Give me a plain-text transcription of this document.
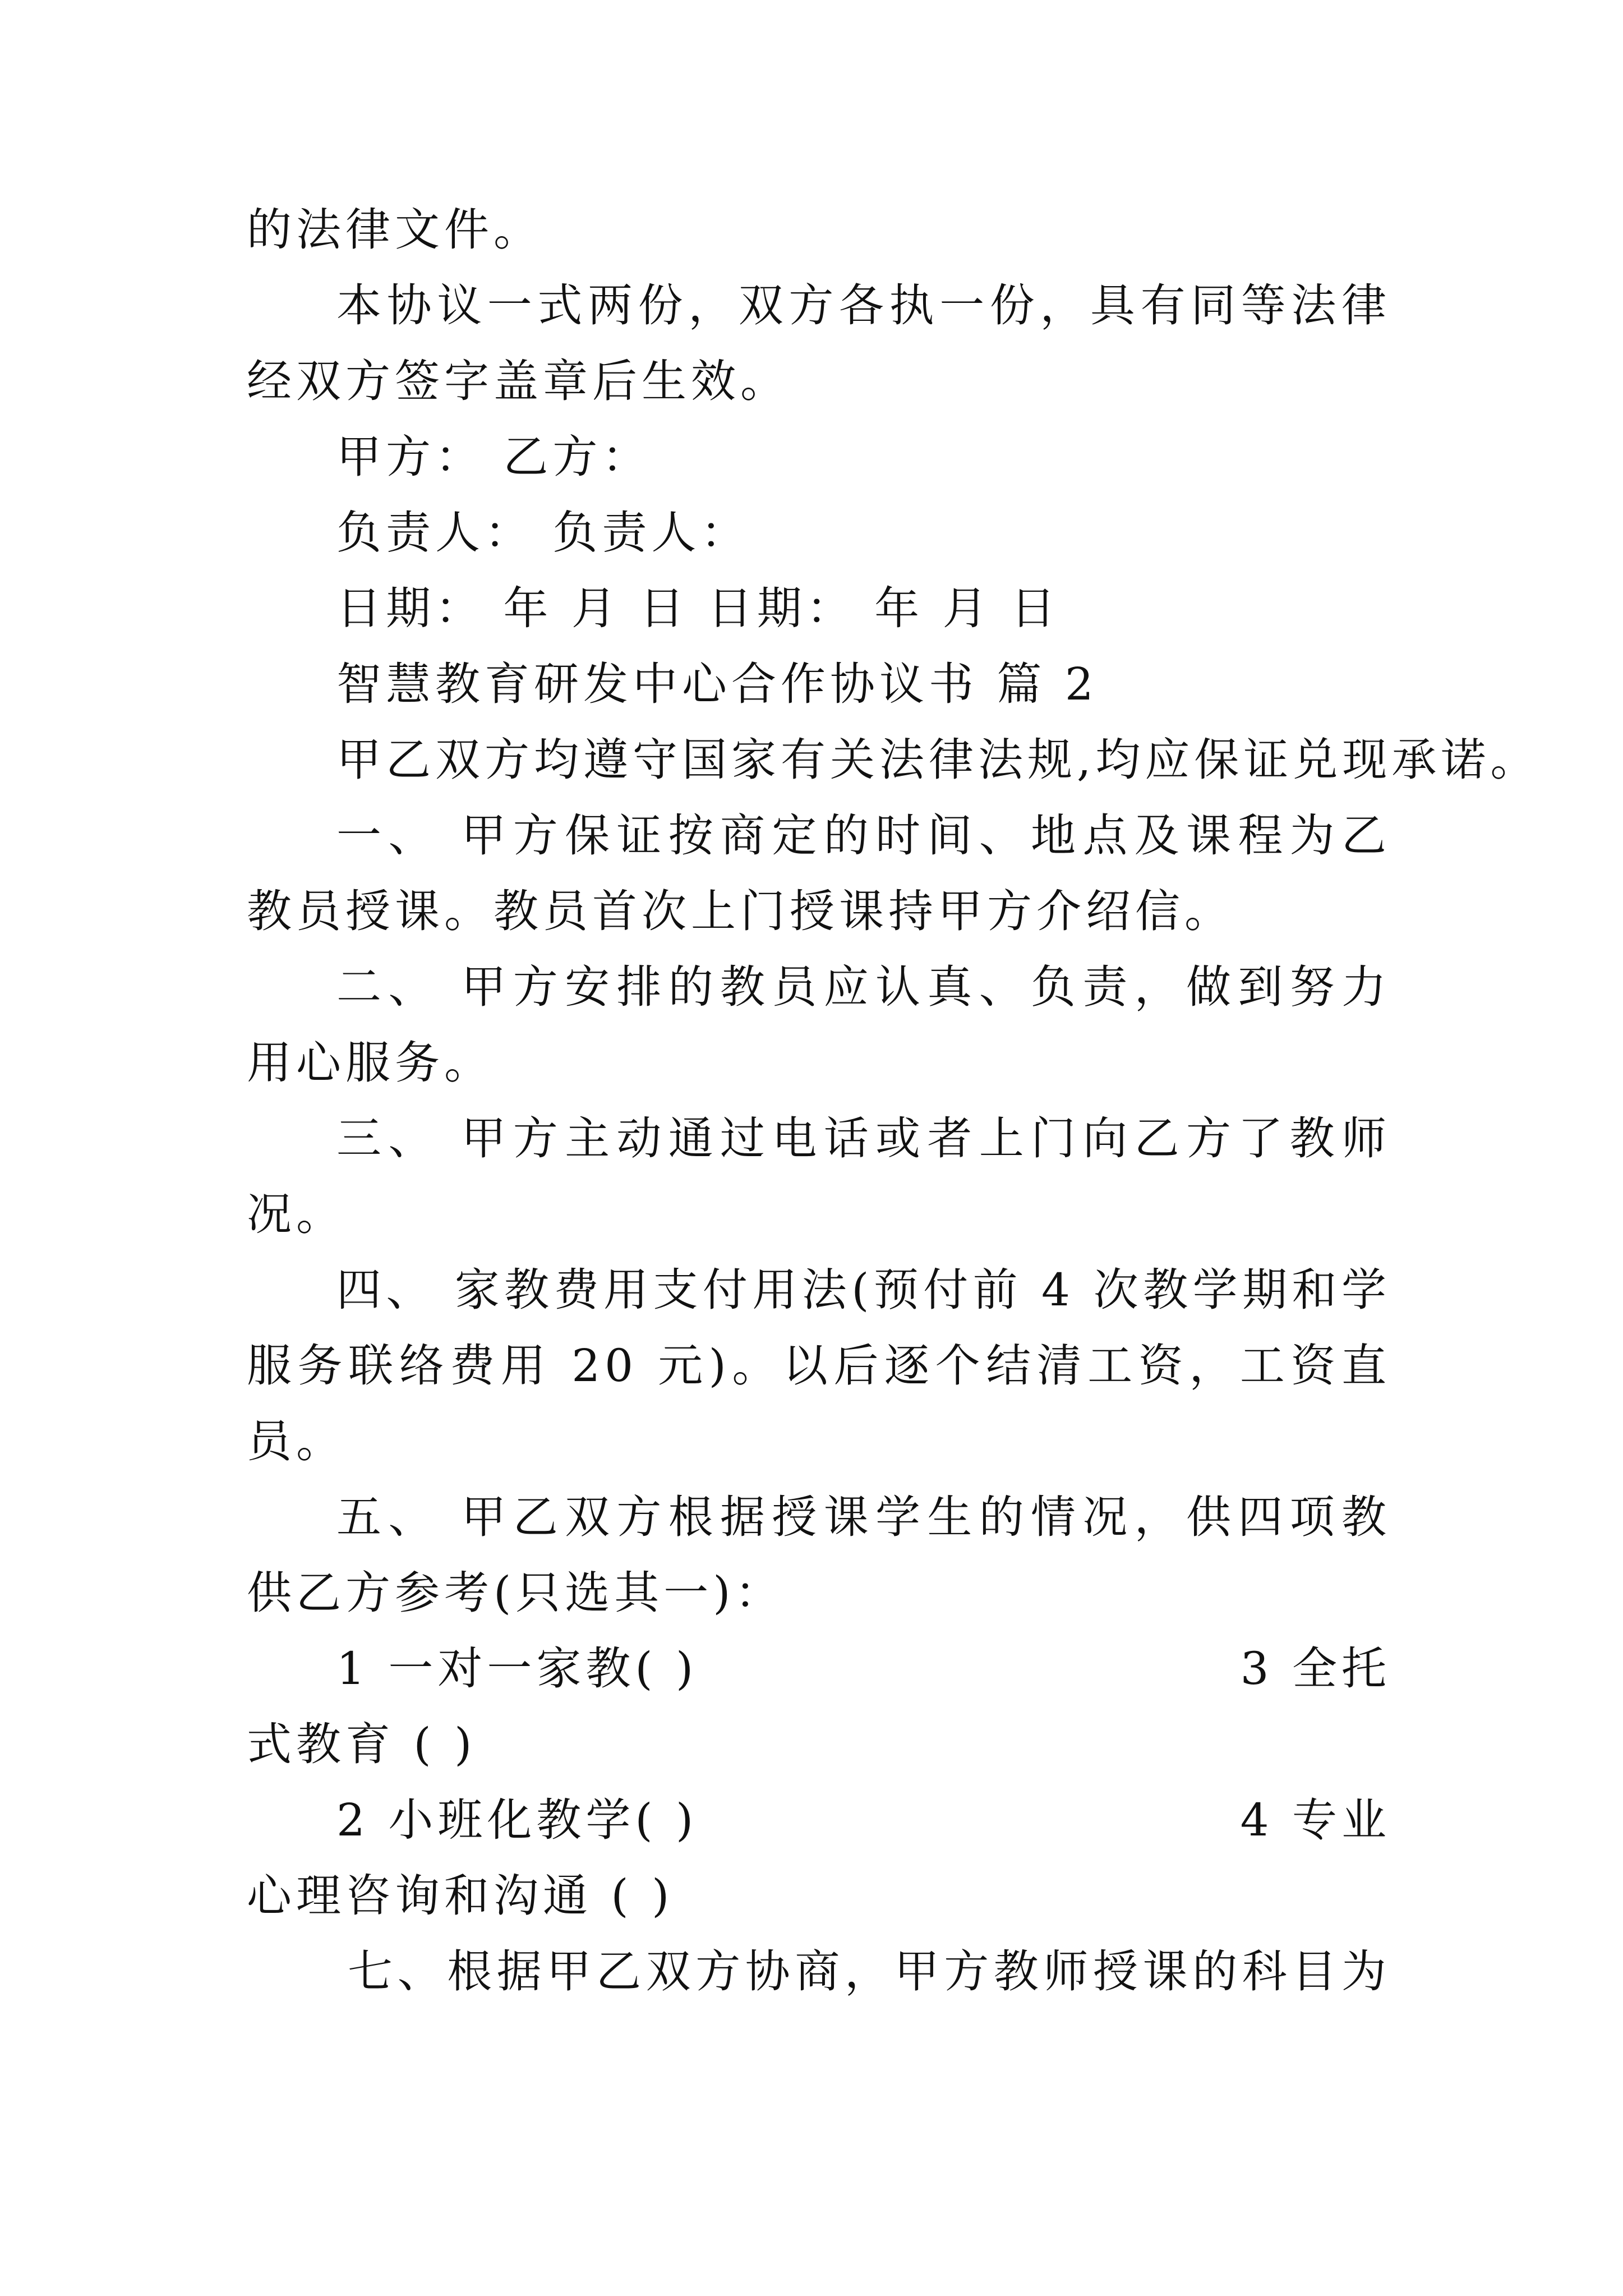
的法律文件。

本协议一式两份，双方各执一份，具有同等法律

经双方签字盖章后生效。

甲方： 乙方：

负责人： 负责人：

日期： 年 月 日 日期： 年 月 日

智慧教育研发中心合作协议书 篇 2

甲乙双方均遵守国家有关法律法规,均应保证兑现承诺。

一、 甲方保证按商定的时间、地点及课程为乙

教员授课。教员首次上门授课持甲方介绍信。

二、 甲方安排的教员应认真、负责，做到努力

用心服务。

三、 甲方主动通过电话或者上门向乙方了教师

况。

四、 家教费用支付用法(预付前 4 次教学期和学

服务联络费用 20 元)。以后逐个结清工资，工资直

员。

五、 甲乙双方根据授课学生的情况，供四项教

供乙方参考(只选其一)：

1 一对一家教( )	3 全托

式教育 ( )

2 小班化教学( )	4 专业

心理咨询和沟通 ( )

七、根据甲乙双方协商，甲方教师授课的科目为
